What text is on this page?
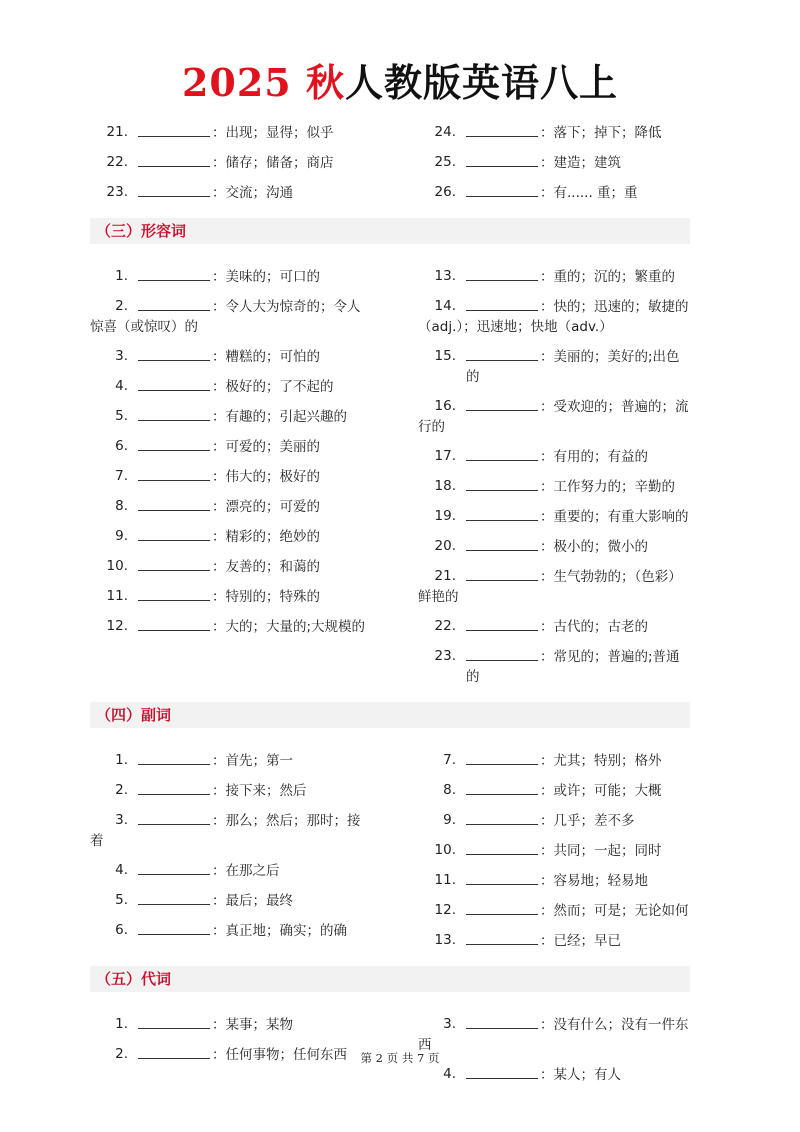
2025 秋人教版英语八上
21.	：出现；显得；似乎
22.	：储存；储备；商店
23.	：交流；沟通
24.	：落下；掉下；降低
25.	：建造；建筑
26.	：有...... 重；重
（三）形容词
1.	：美味的；可口的
2.	：令人大为惊奇的；令人
惊喜（或惊叹）的
3.	：糟糕的；可怕的
4.	：极好的；了不起的
5.	：有趣的；引起兴趣的
6.	：可爱的；美丽的
7.	：伟大的；极好的
8.	：漂亮的；可爱的
9.	：精彩的；绝妙的
10.	：友善的；和蔼的
11.	：特别的；特殊的
12.	：大的；大量的;大规模的
13.	：重的；沉的；繁重的
14.	：快的；迅速的；敏捷的
（adj.）；迅速地；快地（adv.）
15.	：美丽的；美好的;出色的
16.	：受欢迎的；普遍的；流
行的
17.	：有用的；有益的
18.	：工作努力的；辛勤的
19.	：重要的；有重大影响的
20.	：极小的；微小的
21.	：生气勃勃的；（色彩）
鲜艳的
22.	：古代的；古老的
23.	：常见的；普遍的;普通的
（四）副词
1.	：首先；第一
2.	：接下来；然后
3.	：那么；然后；那时；接
着
4.	：在那之后
5.	：最后；最终
6.	：真正地；确实；的确
7.	：尤其；特别；格外
8.	：或许；可能；大概
9.	：几乎；差不多
10.	：共同；一起；同时
11.	：容易地；轻易地
12.	：然而；可是；无论如何
13.	：已经；早已
（五）代词
1.	：某事；某物
2.	：任何事物；任何东西
3.	：没有什么；没有一件东
西
4.	：某人；有人
第 2 页 共 7 页
